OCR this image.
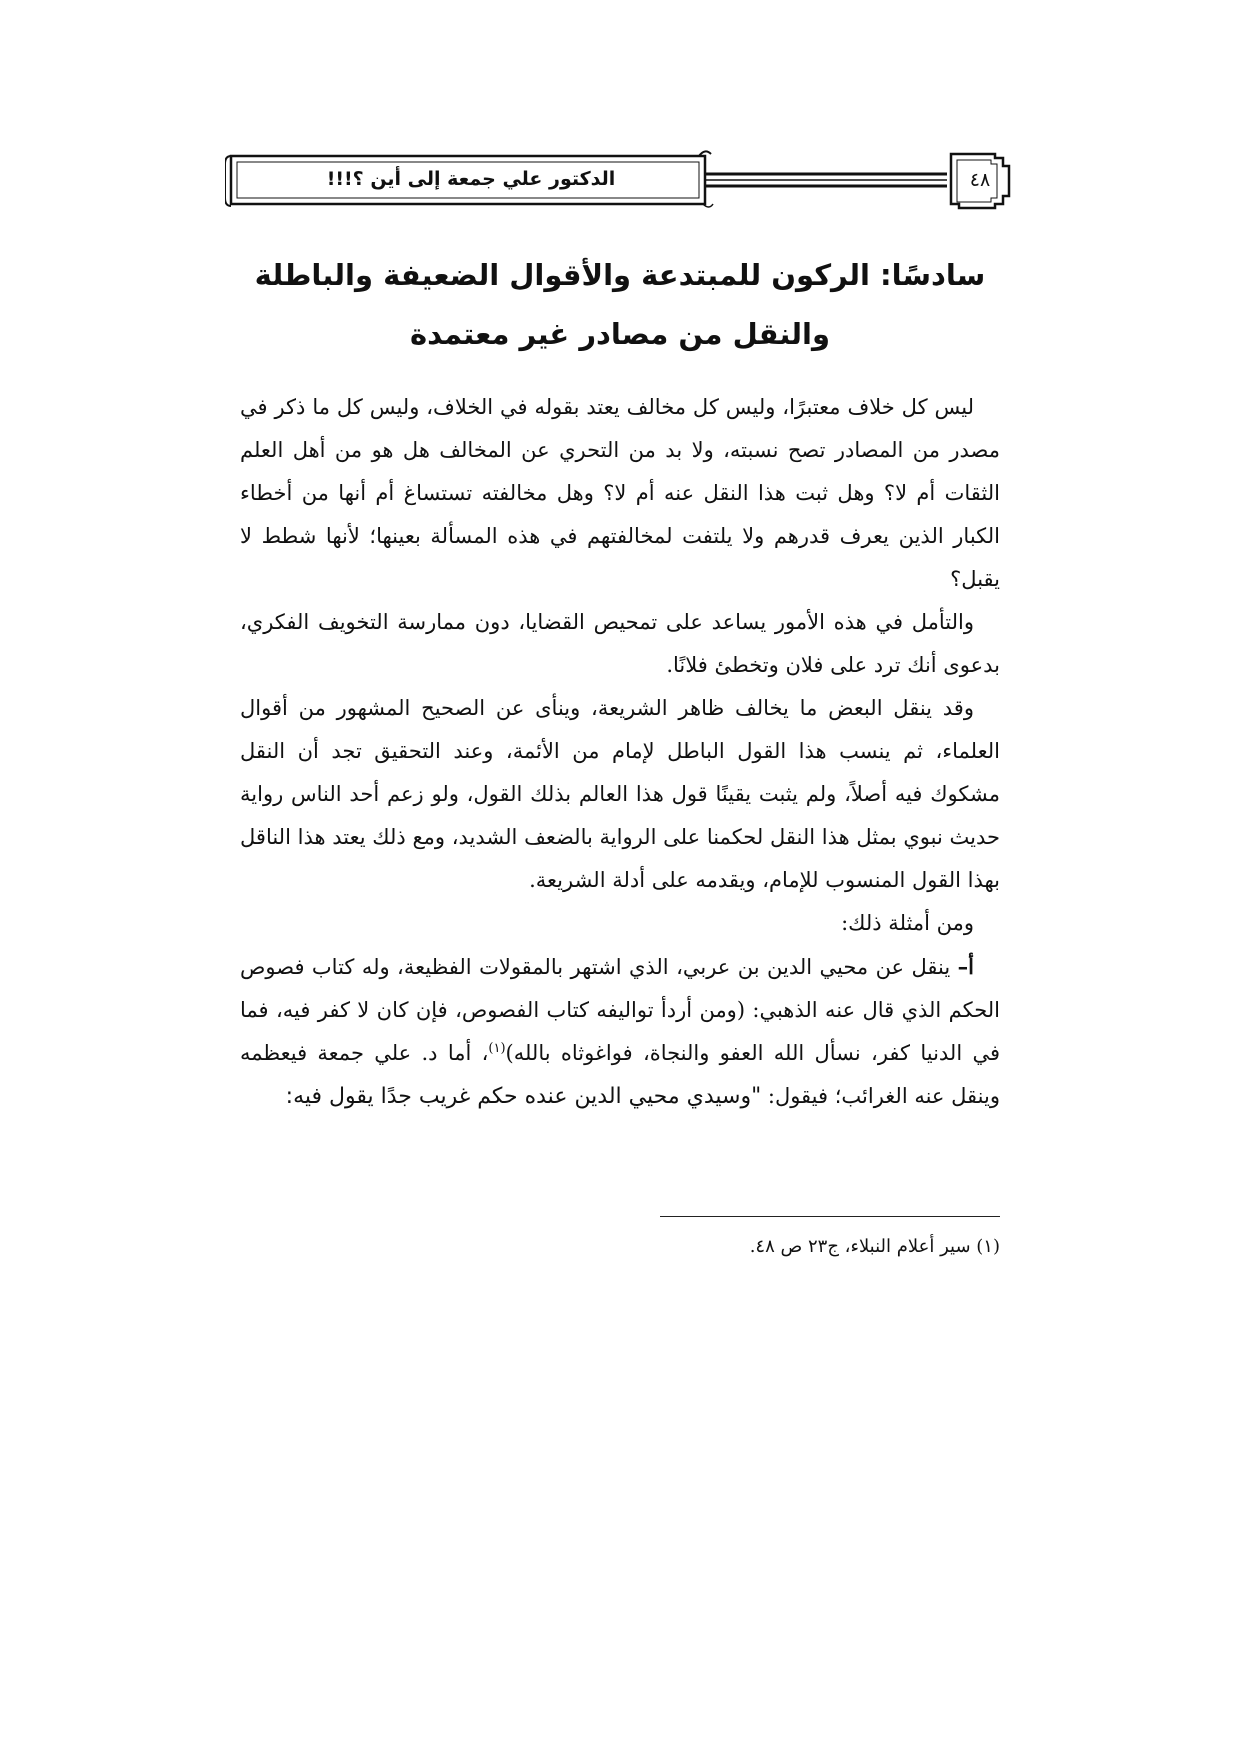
الدكتور علي جمعة إلى أين ؟!!!	٤٨
سادسًا: الركون للمبتدعة والأقوال الضعيفة والباطلة
والنقل من مصادر غير معتمدة

ليس كل خلاف معتبرًا، وليس كل مخالف يعتد بقوله في الخلاف، وليس كل ما ذكر في مصدر من المصادر تصح نسبته، ولا بد من التحري عن المخالف هل هو من أهل العلم الثقات أم لا؟ وهل ثبت هذا النقل عنه أم لا؟ وهل مخالفته تستساغ أم أنها من أخطاء الكبار الذين يعرف قدرهم ولا يلتفت لمخالفتهم في هذه المسألة بعينها؛ لأنها شطط لا يقبل؟

والتأمل في هذه الأمور يساعد على تمحيص القضايا، دون ممارسة التخويف الفكري، بدعوى أنك ترد على فلان وتخطئ فلانًا.

وقد ينقل البعض ما يخالف ظاهر الشريعة، وينأى عن الصحيح المشهور من أقوال العلماء، ثم ينسب هذا القول الباطل لإمام من الأئمة، وعند التحقيق تجد أن النقل مشكوك فيه أصلاً، ولم يثبت يقينًا قول هذا العالم بذلك القول، ولو زعم أحد الناس رواية حديث نبوي بمثل هذا النقل لحكمنا على الرواية بالضعف الشديد، ومع ذلك يعتد هذا الناقل بهذا القول المنسوب للإمام، ويقدمه على أدلة الشريعة.

ومن أمثلة ذلك:

أ– ينقل عن محيي الدين بن عربي، الذي اشتهر بالمقولات الفظيعة، وله كتاب فصوص الحكم الذي قال عنه الذهبي: (ومن أردأ تواليفه كتاب الفصوص، فإن كان لا كفر فيه، فما في الدنيا كفر، نسأل الله العفو والنجاة، فواغوثاه بالله)$^{(١)}$، أما د. علي جمعة فيعظمه وينقل عنه الغرائب؛ فيقول: "وسيدي محيي الدين عنده حكم غريب جدًا يقول فيه:

(١) سير أعلام النبلاء، ج٢٣ ص ٤٨.
